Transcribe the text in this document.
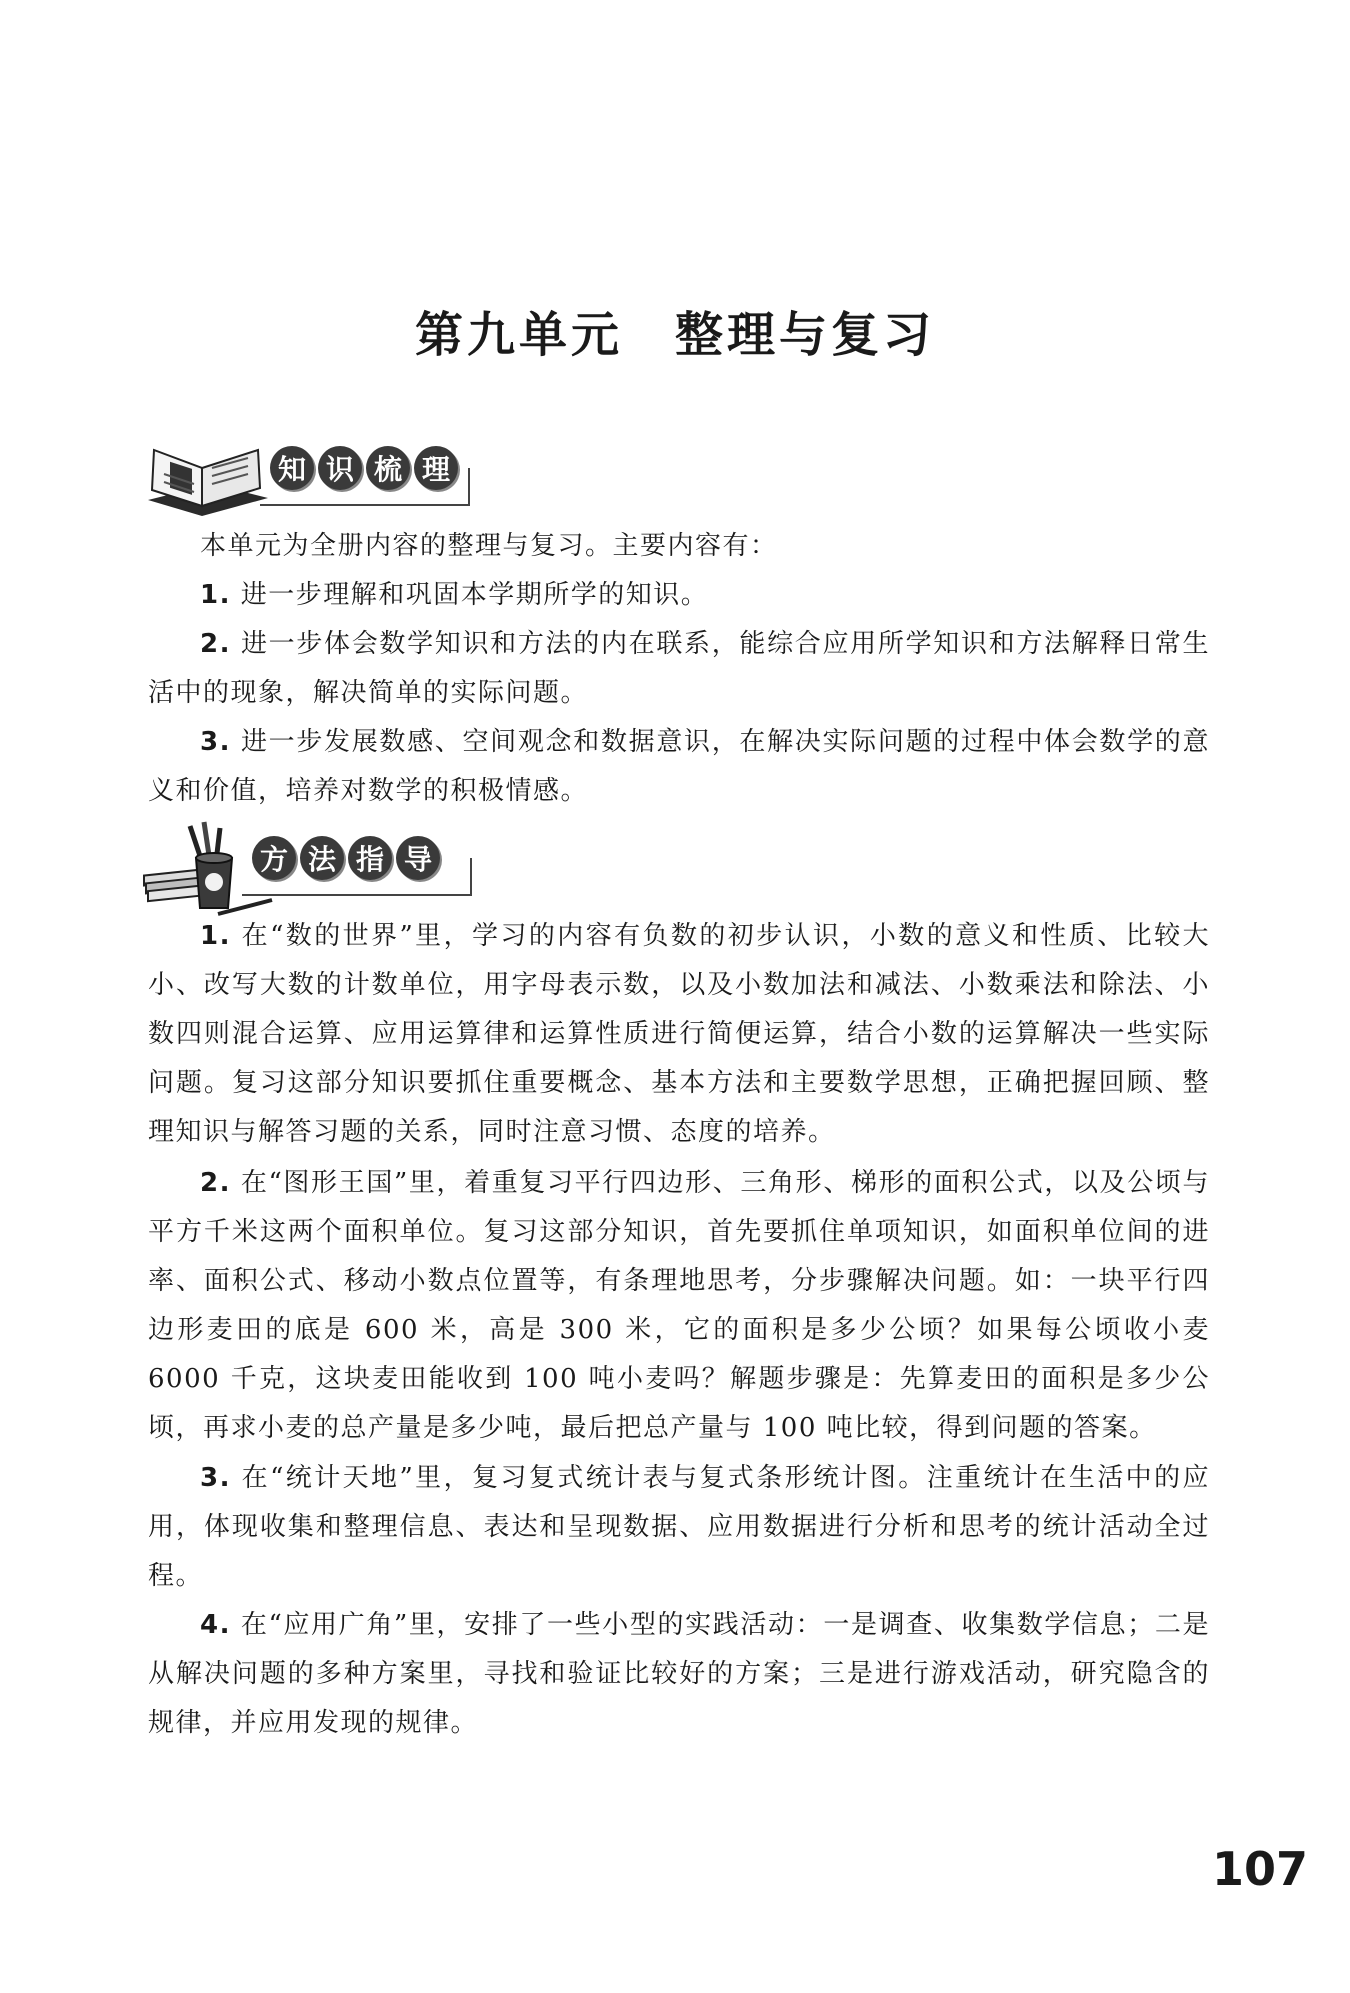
第九单元 整理与复习
知 识 梳 理

本单元为全册内容的整理与复习。主要内容有：

1. 进一步理解和巩固本学期所学的知识。

2. 进一步体会数学知识和方法的内在联系，能综合应用所学知识和方法解释日常生活中的现象，解决简单的实际问题。

3. 进一步发展数感、空间观念和数据意识，在解决实际问题的过程中体会数学的意义和价值，培养对数学的积极情感。

方 法 指 导

1. 在“数的世界”里，学习的内容有负数的初步认识，小数的意义和性质、比较大小、改写大数的计数单位，用字母表示数，以及小数加法和减法、小数乘法和除法、小数四则混合运算、应用运算律和运算性质进行简便运算，结合小数的运算解决一些实际问题。复习这部分知识要抓住重要概念、基本方法和主要数学思想，正确把握回顾、整理知识与解答习题的关系，同时注意习惯、态度的培养。

2. 在“图形王国”里，着重复习平行四边形、三角形、梯形的面积公式，以及公顷与平方千米这两个面积单位。复习这部分知识，首先要抓住单项知识，如面积单位间的进率、面积公式、移动小数点位置等，有条理地思考，分步骤解决问题。如：一块平行四边形麦田的底是 600 米，高是 300 米，它的面积是多少公顷？如果每公顷收小麦 6000 千克，这块麦田能收到 100 吨小麦吗？解题步骤是：先算麦田的面积是多少公顷，再求小麦的总产量是多少吨，最后把总产量与 100 吨比较，得到问题的答案。

3. 在“统计天地”里，复习复式统计表与复式条形统计图。注重统计在生活中的应用，体现收集和整理信息、表达和呈现数据、应用数据进行分析和思考的统计活动全过程。

4. 在“应用广角”里，安排了一些小型的实践活动：一是调查、收集数学信息；二是从解决问题的多种方案里，寻找和验证比较好的方案；三是进行游戏活动，研究隐含的规律，并应用发现的规律。

107
